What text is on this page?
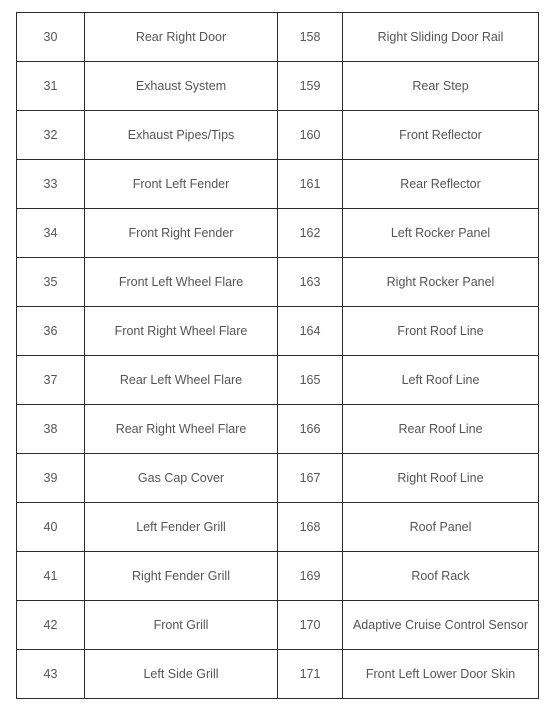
30	Rear Right Door	158	Right Sliding Door Rail
31	Exhaust System	159	Rear Step
32	Exhaust Pipes/Tips	160	Front Reflector
33	Front Left Fender	161	Rear Reflector
34	Front Right Fender	162	Left Rocker Panel
35	Front Left Wheel Flare	163	Right Rocker Panel
36	Front Right Wheel Flare	164	Front Roof Line
37	Rear Left Wheel Flare	165	Left Roof Line
38	Rear Right Wheel Flare	166	Rear Roof Line
39	Gas Cap Cover	167	Right Roof Line
40	Left Fender Grill	168	Roof Panel
41	Right Fender Grill	169	Roof Rack
42	Front Grill	170	Adaptive Cruise Control Sensor
43	Left Side Grill	171	Front Left Lower Door Skin
